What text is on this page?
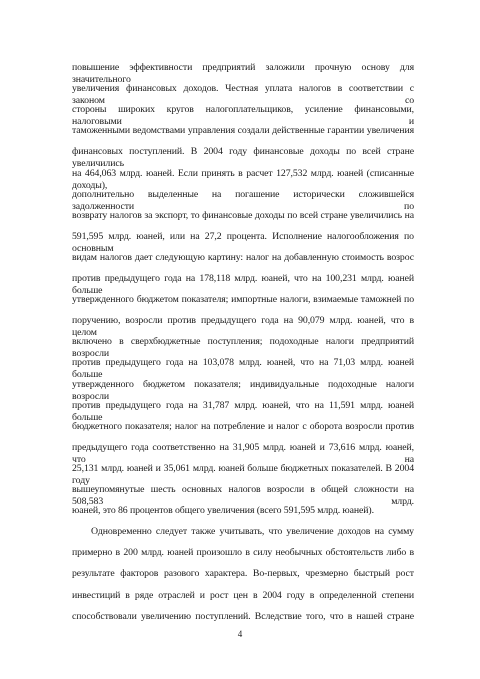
повышение эффективности предприятий заложили прочную основу для значительного
увеличения финансовых доходов. Честная уплата налогов в соответствии с законом со
стороны широких кругов налогоплательщиков, усиление финансовыми, налоговыми и
таможенными ведомствами управления создали действенные гарантии увеличения
финансовых поступлений. В 2004 году финансовые доходы по всей стране увеличились
на 464,063 млрд. юаней. Если принять в расчет 127,532 млрд. юаней (списанные доходы),
дополнительно выделенные на погашение исторически сложившейся задолженности по
возврату налогов за экспорт, то финансовые доходы по всей стране увеличились на
591,595 млрд. юаней, или на 27,2 процента. Исполнение налогообложения по основным
видам налогов дает следующую картину: налог на добавленную стоимость возрос
против предыдущего года на 178,118 млрд. юаней, что на 100,231 млрд. юаней больше
утвержденного бюджетом показателя; импортные налоги, взимаемые таможней по
поручению, возросли против предыдущего года на 90,079 млрд. юаней, что в целом
включено в сверхбюджетные поступления; подоходные налоги предприятий возросли
против предыдущего года на 103,078 млрд. юаней, что на 71,03 млрд. юаней больше
утвержденного бюджетом показателя; индивидуальные подоходные налоги возросли
против предыдущего года на 31,787 млрд. юаней, что на 11,591 млрд. юаней больше
бюджетного показателя; налог на потребление и налог с оборота возросли против
предыдущего года соответственно на 31,905 млрд. юаней и 73,616 млрд. юаней, что на
25,131 млрд. юаней и 35,061 млрд. юаней больше бюджетных показателей. В 2004 году
вышеупомянутые шесть основных налогов возросли в общей сложности на 508,583 млрд.
юаней, это 86 процентов общего увеличения (всего 591,595 млрд. юаней).
Одновременно следует также учитывать, что увеличение доходов на сумму
примерно в 200 млрд. юаней произошло в силу необычных обстоятельств либо в
результате факторов разового характера. Во-первых, чрезмерно быстрый рост
инвестиций в ряде отраслей и рост цен в 2004 году в определенной степени
способствовали увеличению поступлений. Вследствие того, что в нашей стране
4
